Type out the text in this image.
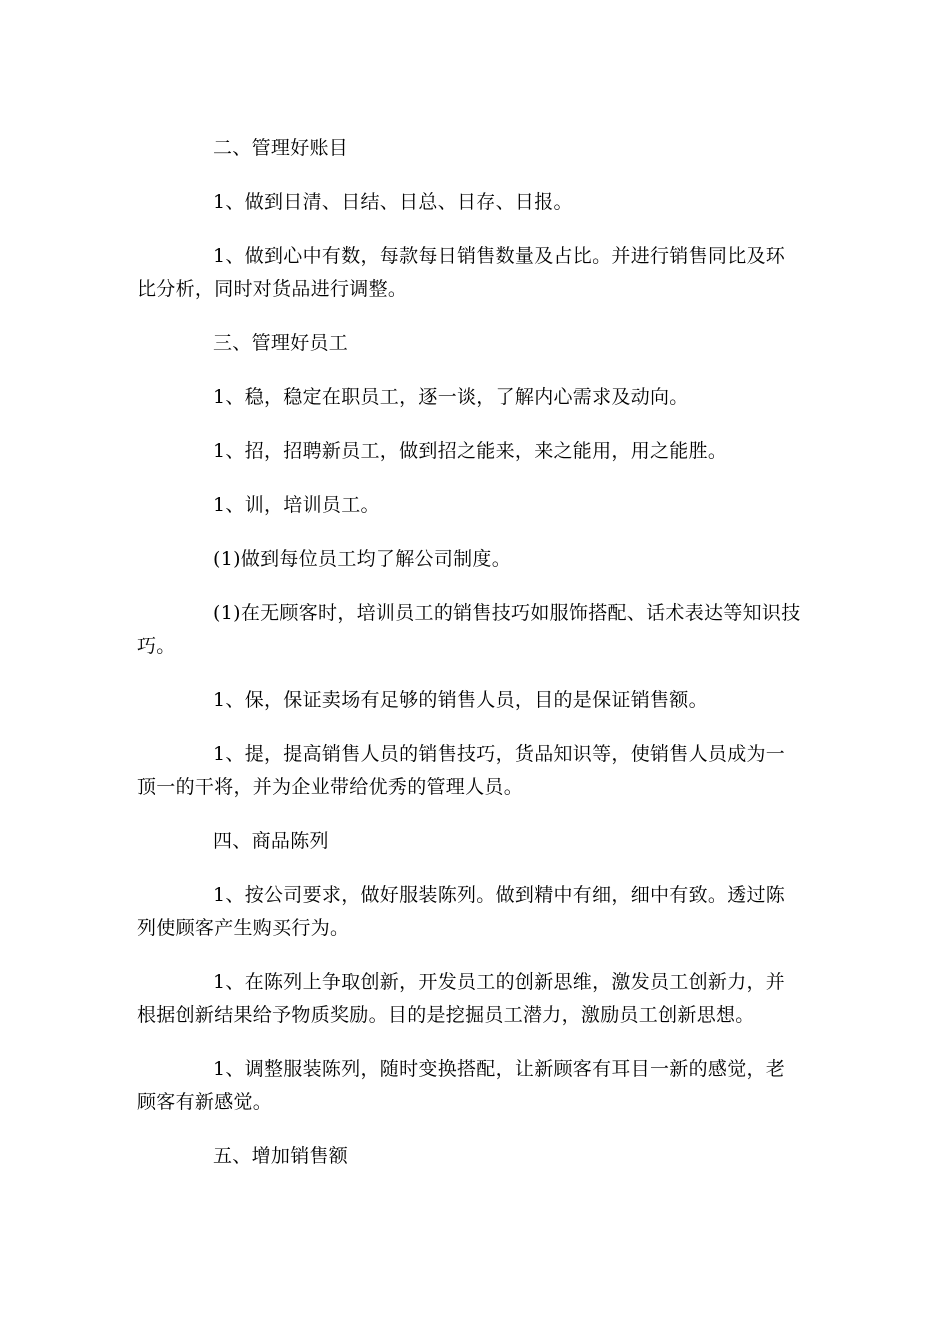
二、管理好账目

1、做到日清、日结、日总、日存、日报。

1、做到心中有数，每款每日销售数量及占比。并进行销售同比及环比分析，同时对货品进行调整。

三、管理好员工

1、稳，稳定在职员工，逐一谈，了解内心需求及动向。

1、招，招聘新员工，做到招之能来，来之能用，用之能胜。

1、训，培训员工。

(1)做到每位员工均了解公司制度。

(1)在无顾客时，培训员工的销售技巧如服饰搭配、话术表达等知识技巧。

1、保，保证卖场有足够的销售人员，目的是保证销售额。

1、提，提高销售人员的销售技巧，货品知识等，使销售人员成为一顶一的干将，并为企业带给优秀的管理人员。

四、商品陈列

1、按公司要求，做好服装陈列。做到精中有细，细中有致。透过陈列使顾客产生购买行为。

1、在陈列上争取创新，开发员工的创新思维，激发员工创新力，并根据创新结果给予物质奖励。目的是挖掘员工潜力，激励员工创新思想。

1、调整服装陈列，随时变换搭配，让新顾客有耳目一新的感觉，老顾客有新感觉。

五、增加销售额
